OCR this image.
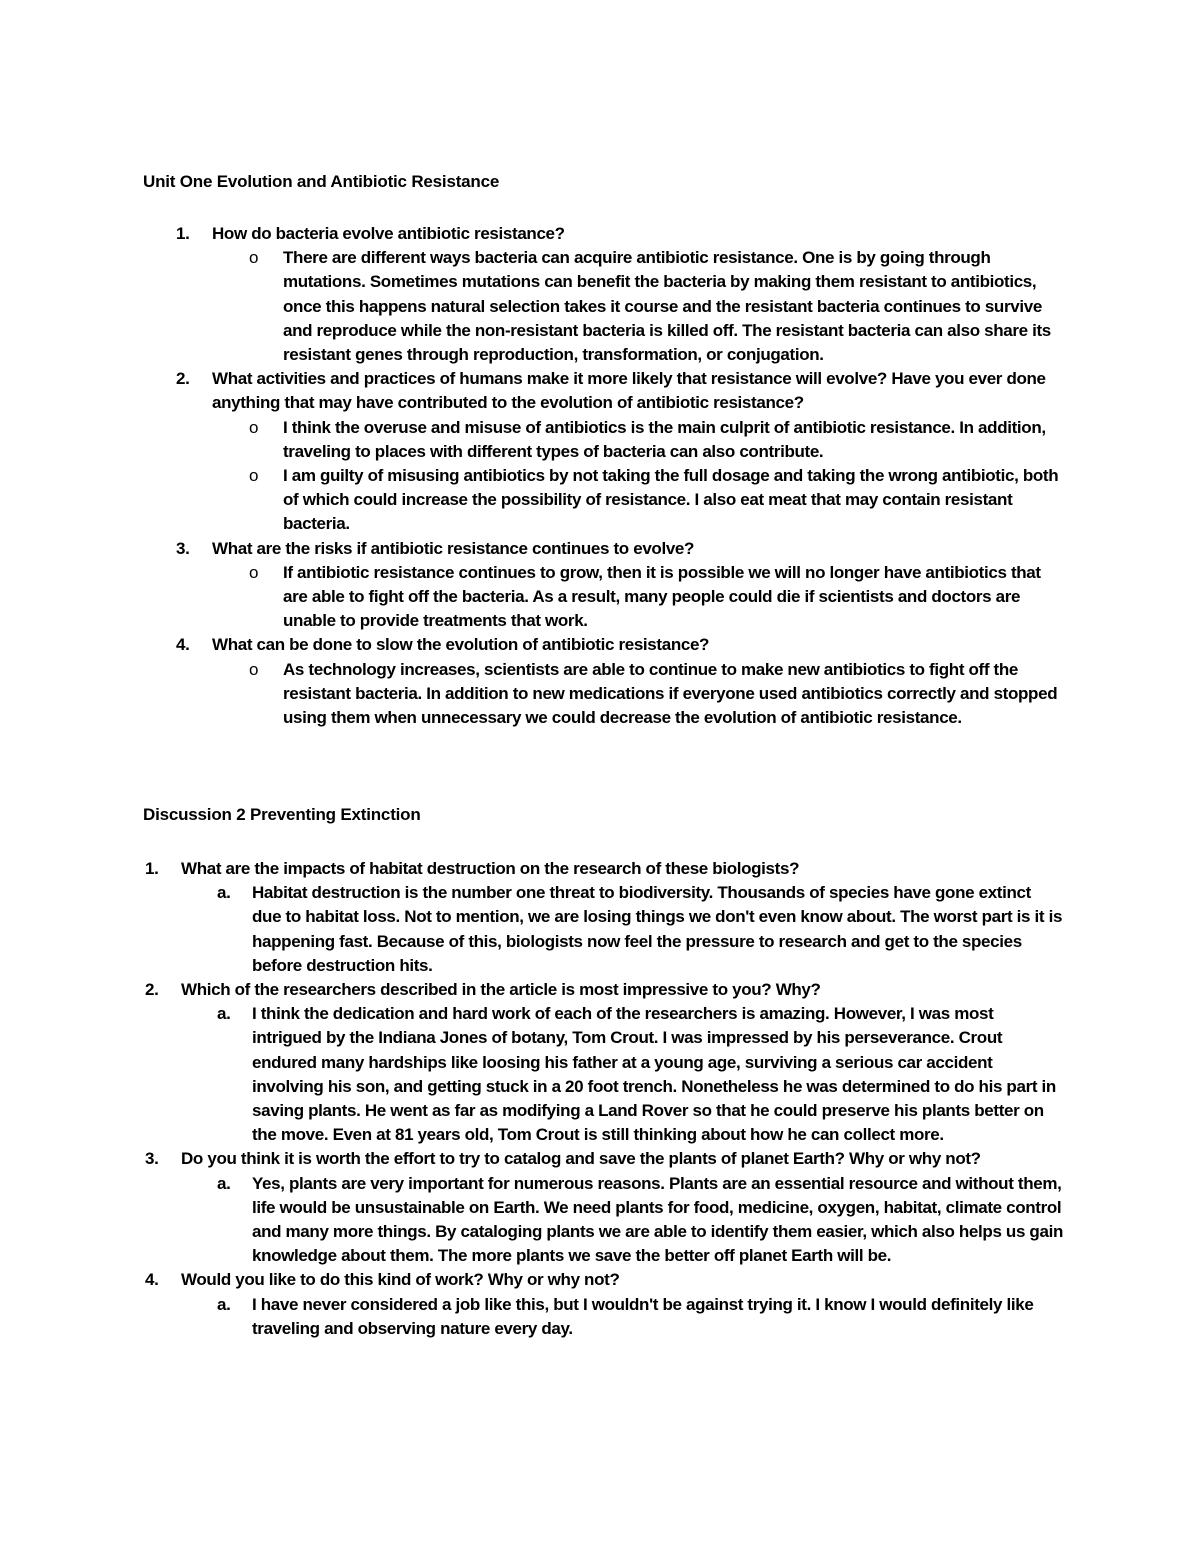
Unit One Evolution and Antibiotic Resistance
1. How do bacteria evolve antibiotic resistance?
o There are different ways bacteria can acquire antibiotic resistance. One is by going through mutations. Sometimes mutations can benefit the bacteria by making them resistant to antibiotics, once this happens natural selection takes it course and the resistant bacteria continues to survive and reproduce while the non-resistant bacteria is killed off. The resistant bacteria can also share its resistant genes through reproduction, transformation, or conjugation.
2. What activities and practices of humans make it more likely that resistance will evolve? Have you ever done anything that may have contributed to the evolution of antibiotic resistance?
o I think the overuse and misuse of antibiotics is the main culprit of antibiotic resistance. In addition, traveling to places with different types of bacteria can also contribute.
o I am guilty of misusing antibiotics by not taking the full dosage and taking the wrong antibiotic, both of which could increase the possibility of resistance. I also eat meat that may contain resistant bacteria.
3. What are the risks if antibiotic resistance continues to evolve?
o If antibiotic resistance continues to grow, then it is possible we will no longer have antibiotics that are able to fight off the bacteria. As a result, many people could die if scientists and doctors are unable to provide treatments that work.
4. What can be done to slow the evolution of antibiotic resistance?
o As technology increases, scientists are able to continue to make new antibiotics to fight off the resistant bacteria. In addition to new medications if everyone used antibiotics correctly and stopped using them when unnecessary we could decrease the evolution of antibiotic resistance.
Discussion 2 Preventing Extinction
1. What are the impacts of habitat destruction on the research of these biologists?
a. Habitat destruction is the number one threat to biodiversity. Thousands of species have gone extinct due to habitat loss. Not to mention, we are losing things we don't even know about. The worst part is it is happening fast. Because of this, biologists now feel the pressure to research and get to the species before destruction hits.
2. Which of the researchers described in the article is most impressive to you? Why?
a. I think the dedication and hard work of each of the researchers is amazing. However, I was most intrigued by the Indiana Jones of botany, Tom Crout. I was impressed by his perseverance. Crout endured many hardships like loosing his father at a young age, surviving a serious car accident involving his son, and getting stuck in a 20 foot trench. Nonetheless he was determined to do his part in saving plants. He went as far as modifying a Land Rover so that he could preserve his plants better on the move. Even at 81 years old, Tom Crout is still thinking about how he can collect more.
3. Do you think it is worth the effort to try to catalog and save the plants of planet Earth? Why or why not?
a. Yes, plants are very important for numerous reasons. Plants are an essential resource and without them, life would be unsustainable on Earth. We need plants for food, medicine, oxygen, habitat, climate control and many more things. By cataloging plants we are able to identify them easier, which also helps us gain knowledge about them. The more plants we save the better off planet Earth will be.
4. Would you like to do this kind of work? Why or why not?
a. I have never considered a job like this, but I wouldn't be against trying it. I know I would definitely like traveling and observing nature every day.
